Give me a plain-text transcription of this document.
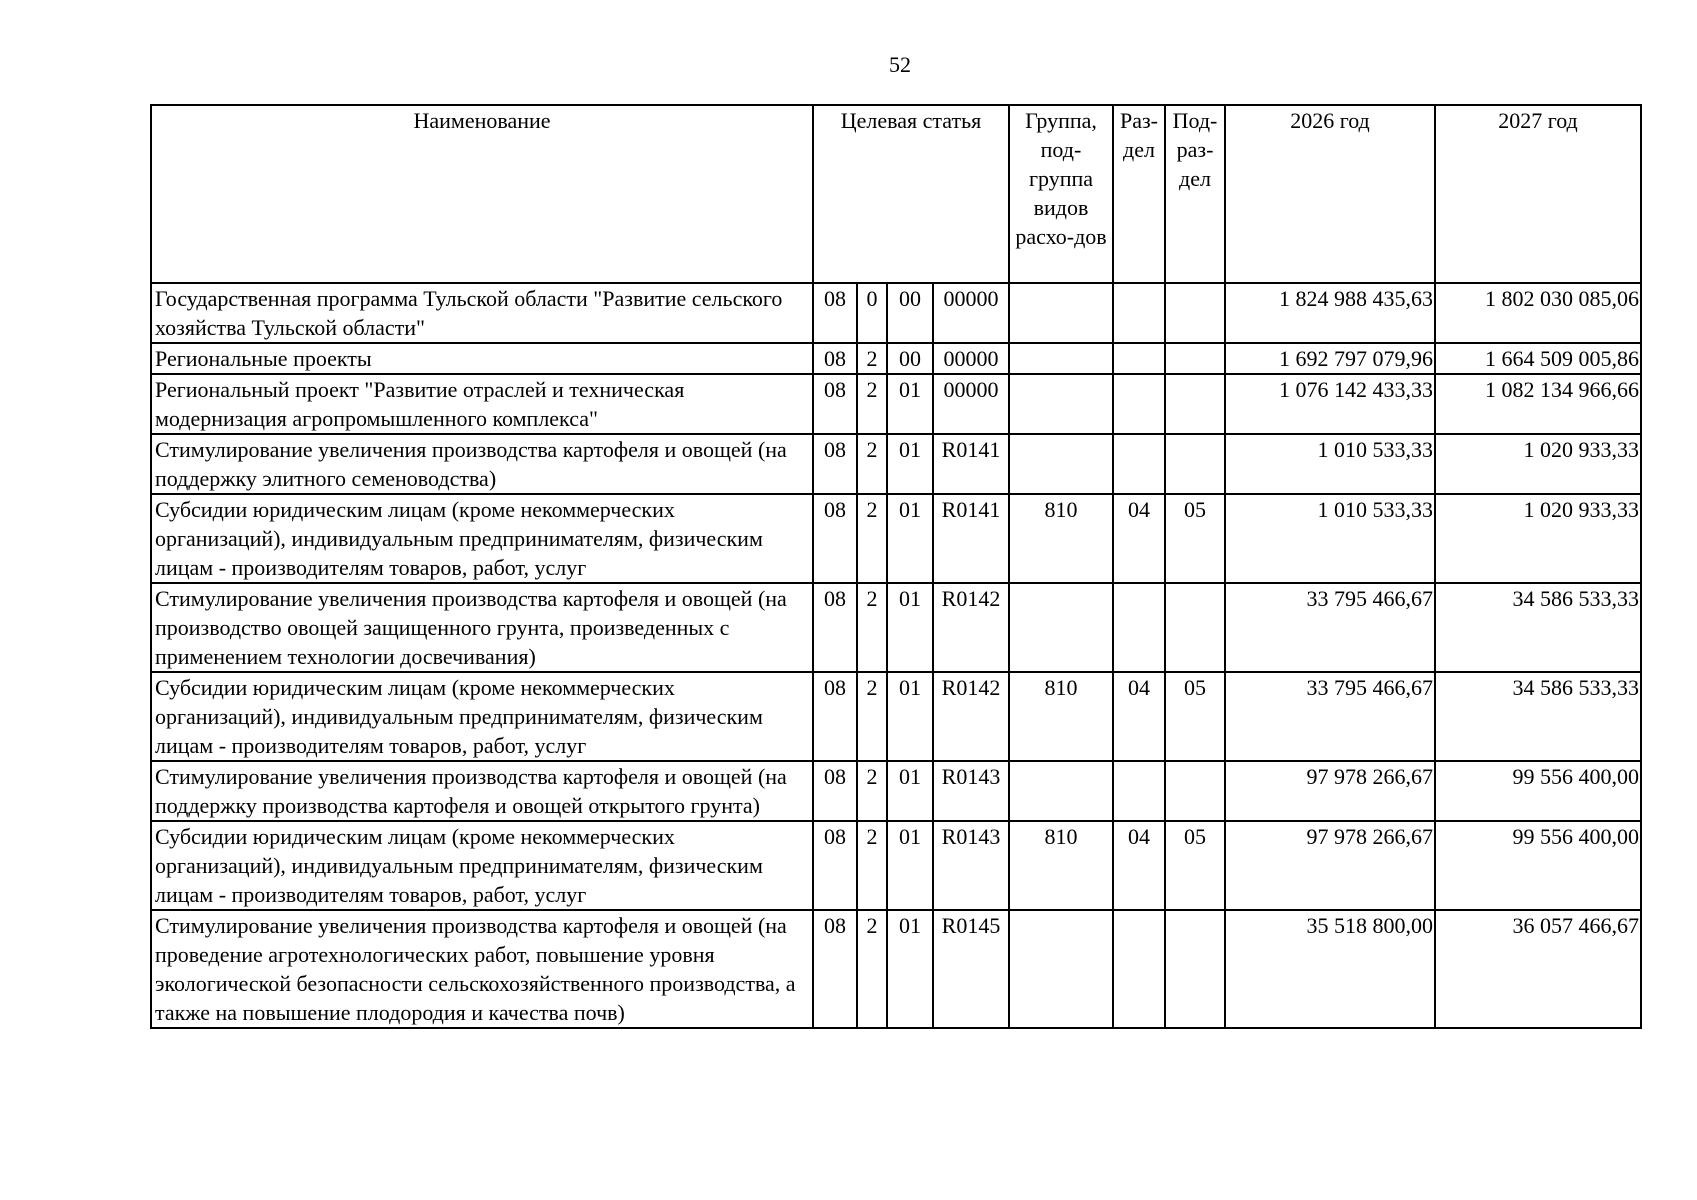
52
Наименование	Целевая статья				Группа, под-группа видов расхо-дов	Раз-дел	Под-раз-дел	2026 год	2027 год
Государственная программа Тульской области "Развитие сельского хозяйства Тульской области"	08	0	00	00000				1 824 988 435,63	1 802 030 085,06
Региональные проекты	08	2	00	00000				1 692 797 079,96	1 664 509 005,86
Региональный проект "Развитие отраслей и техническая модернизация агропромышленного комплекса"	08	2	01	00000				1 076 142 433,33	1 082 134 966,66
Стимулирование увеличения производства картофеля и овощей (на поддержку элитного семеноводства)	08	2	01	R0141				1 010 533,33	1 020 933,33
Субсидии юридическим лицам (кроме некоммерческих организаций), индивидуальным предпринимателям, физическим лицам - производителям товаров, работ, услуг	08	2	01	R0141	810	04	05	1 010 533,33	1 020 933,33
Стимулирование увеличения производства картофеля и овощей (на производство овощей защищенного грунта, произведенных с применением технологии досвечивания)	08	2	01	R0142				33 795 466,67	34 586 533,33
Субсидии юридическим лицам (кроме некоммерческих организаций), индивидуальным предпринимателям, физическим лицам - производителям товаров, работ, услуг	08	2	01	R0142	810	04	05	33 795 466,67	34 586 533,33
Стимулирование увеличения производства картофеля и овощей (на поддержку производства картофеля и овощей открытого грунта)	08	2	01	R0143				97 978 266,67	99 556 400,00
Субсидии юридическим лицам (кроме некоммерческих организаций), индивидуальным предпринимателям, физическим лицам - производителям товаров, работ, услуг	08	2	01	R0143	810	04	05	97 978 266,67	99 556 400,00
Стимулирование увеличения производства картофеля и овощей (на проведение агротехнологических работ, повышение уровня экологической безопасности сельскохозяйственного производства, а также на повышение плодородия и качества почв)	08	2	01	R0145				35 518 800,00	36 057 466,67
